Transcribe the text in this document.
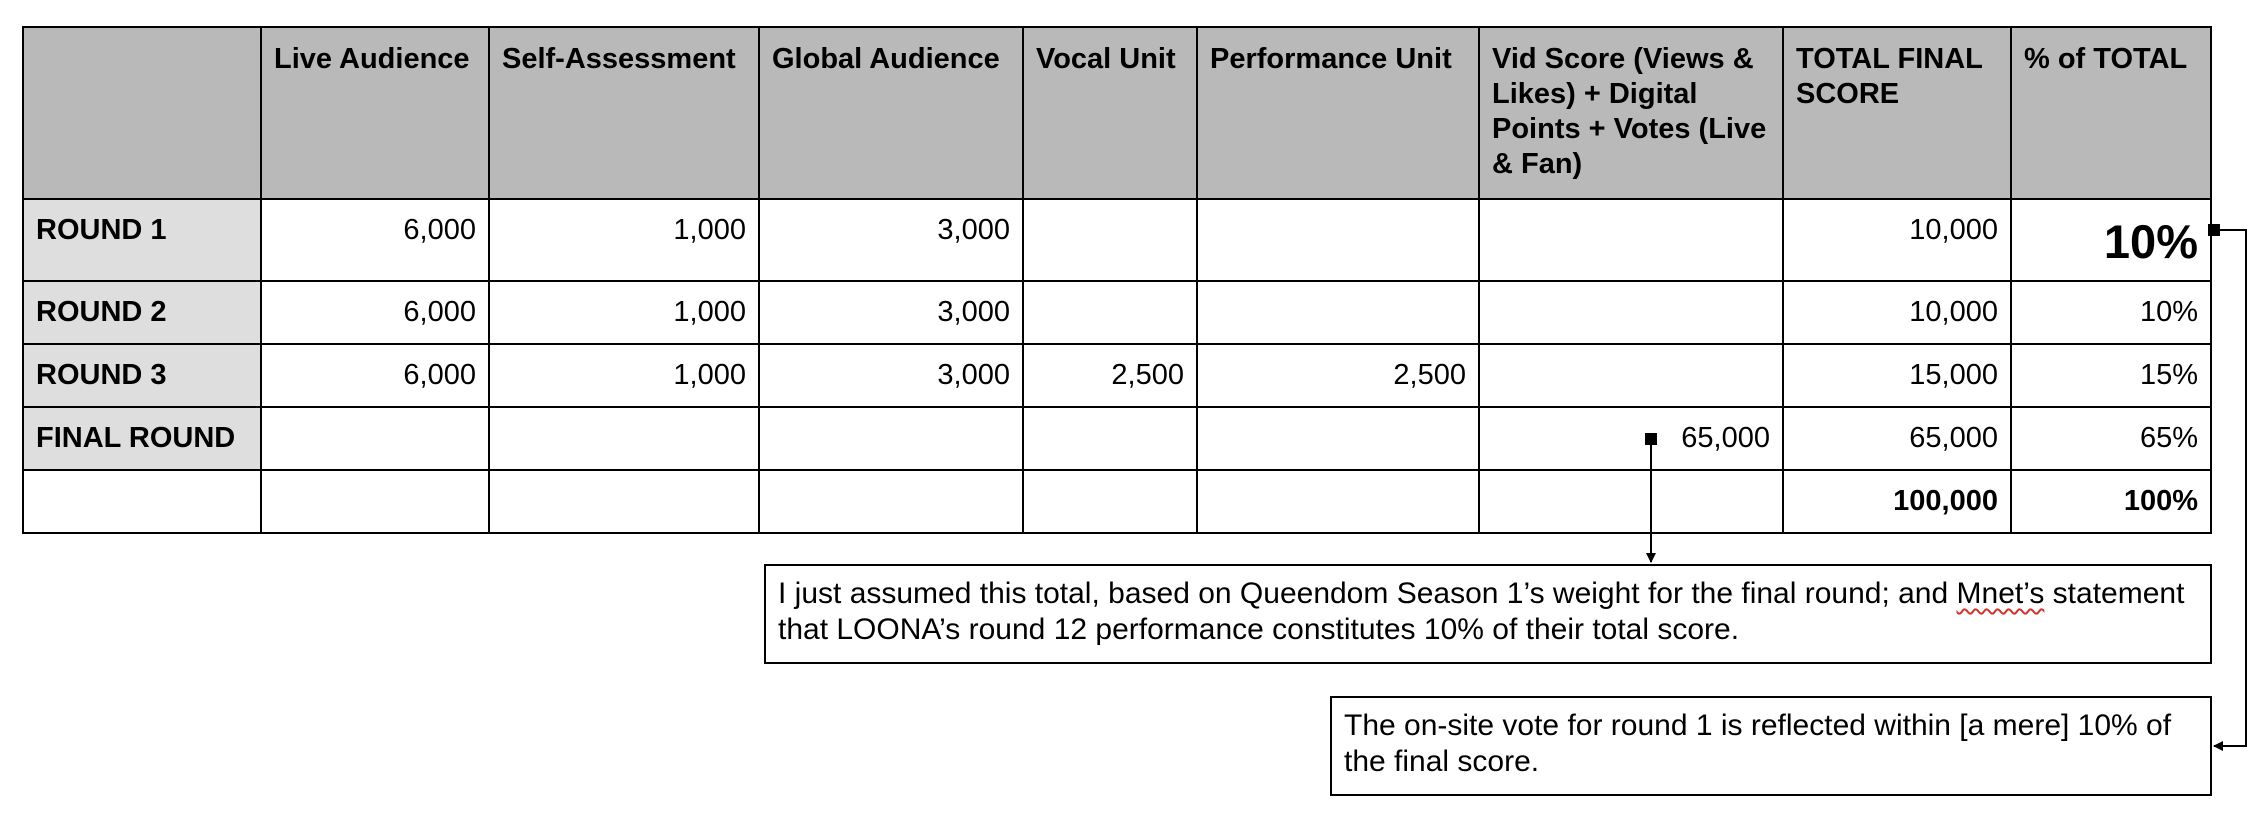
	Live Audience	Self-Assessment	Global Audience	Vocal Unit	Performance Unit	Vid Score (Views & Likes) + Digital Points + Votes (Live & Fan)	TOTAL FINAL SCORE	% of TOTAL
ROUND 1	6,000	1,000	3,000				10,000	10%
ROUND 2	6,000	1,000	3,000				10,000	10%
ROUND 3	6,000	1,000	3,000	2,500	2,500		15,000	15%
FINAL ROUND						65,000	65,000	65%
							100,000	100%
I just assumed this total, based on Queendom Season 1’s weight for the final round; and Mnet’s statement that LOONA’s round 12 performance constitutes 10% of their total score.
The on-site vote for round 1 is reflected within [a mere] 10% of the final score.
